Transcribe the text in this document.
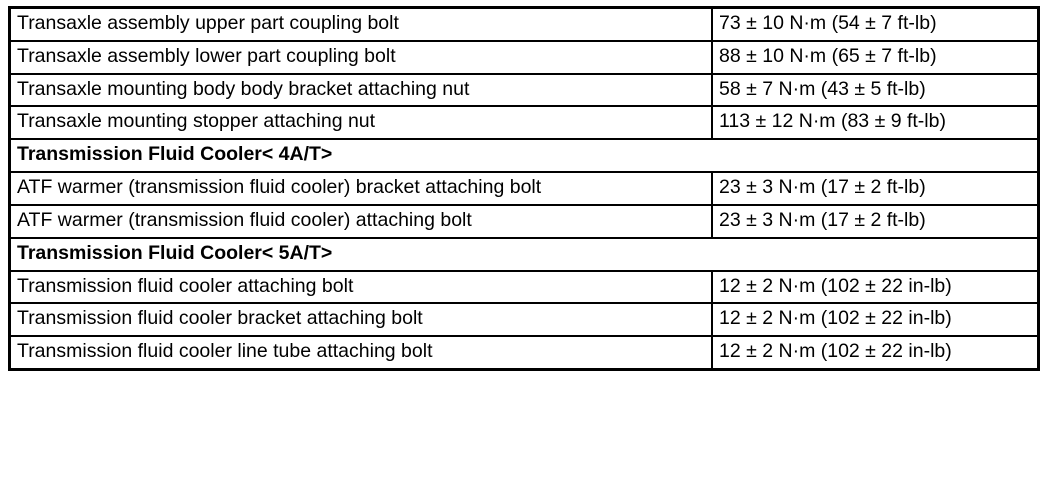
Transaxle assembly upper part coupling bolt	73 ± 10 N·m (54 ± 7 ft-lb)
Transaxle assembly lower part coupling bolt	88 ± 10 N·m (65 ± 7 ft-lb)
Transaxle mounting body body bracket attaching nut	58 ± 7 N·m (43 ± 5 ft-lb)
Transaxle mounting stopper attaching nut	113 ± 12 N·m (83 ± 9 ft-lb)
Transmission Fluid Cooler< 4A/T>	
ATF warmer (transmission fluid cooler) bracket attaching bolt	23 ± 3 N·m (17 ± 2 ft-lb)
ATF warmer (transmission fluid cooler) attaching bolt	23 ± 3 N·m (17 ± 2 ft-lb)
Transmission Fluid Cooler< 5A/T>	
Transmission fluid cooler attaching bolt	12 ± 2 N·m (102 ± 22 in-lb)
Transmission fluid cooler bracket attaching bolt	12 ± 2 N·m (102 ± 22 in-lb)
Transmission fluid cooler line tube attaching bolt	12 ± 2 N·m (102 ± 22 in-lb)
